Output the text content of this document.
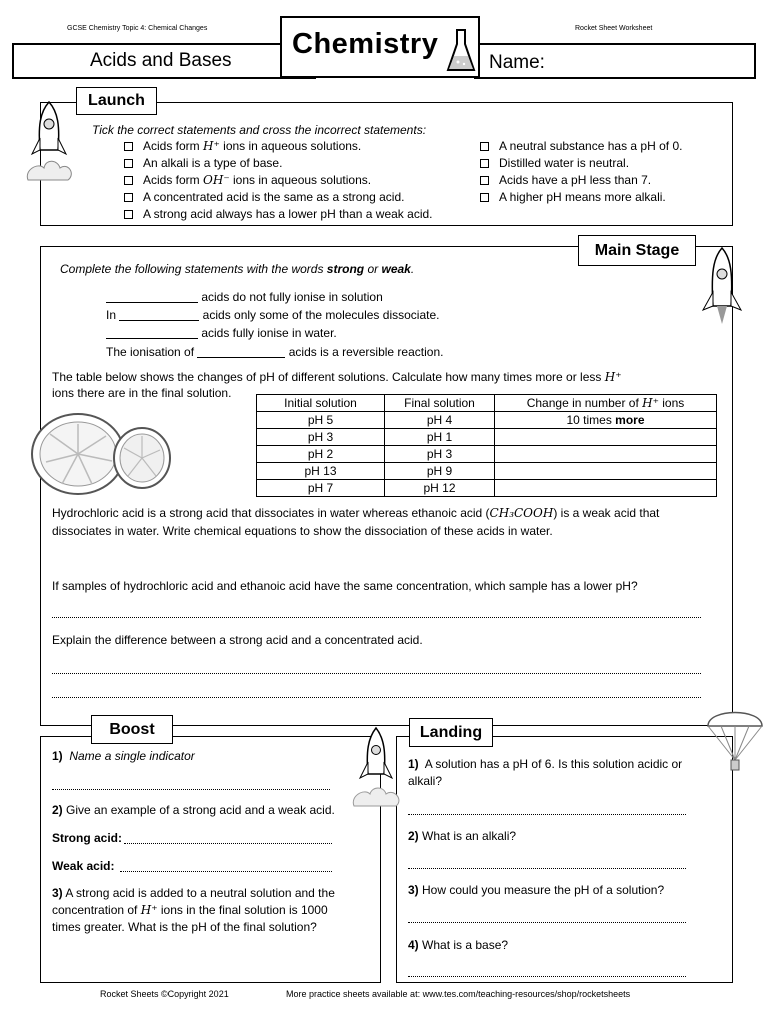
GCSE Chemistry Topic 4: Chemical Changes	Rocket Sheet Worksheet
Acids and Bases	Name:
Chemistry
Launch
Tick the correct statements and cross the incorrect statements:
Acids form H⁺ ions in aqueous solutions.
An alkali is a type of base.
Acids form OH⁻ ions in aqueous solutions.
A concentrated acid is the same as a strong acid.
A strong acid always has a lower pH than a weak acid.
A neutral substance has a pH of 0.
Distilled water is neutral.
Acids have a pH less than 7.
A higher pH means more alkali.
Main Stage
Complete the following statements with the words strong or weak.
acids do not fully ionise in solution
In	acids only some of the molecules dissociate.
acids fully ionise in water.
The ionisation of	acids is a reversible reaction.
The table below shows the changes of pH of different solutions. Calculate how many times more or less H⁺
ions there are in the final solution.
Initial solution	Final solution	Change in number of H⁺ ions
pH 5	pH 4	10 times more
pH 3	pH 1	
pH 2	pH 3	
pH 13	pH 9	
pH 7	pH 12	
Hydrochloric acid is a strong acid that dissociates in water whereas ethanoic acid (CH₃COOH) is a weak acid that
dissociates in water. Write chemical equations to show the dissociation of these acids in water.
If samples of hydrochloric acid and ethanoic acid have the same concentration, which sample has a lower pH?
Explain the difference between a strong acid and a concentrated acid.
Boost
1) Name a single indicator
2) Give an example of a strong acid and a weak acid.
Strong acid:
Weak acid:
3) A strong acid is added to a neutral solution and the
concentration of H⁺ ions in the final solution is 1000
times greater. What is the pH of the final solution?
Landing
1) A solution has a pH of 6. Is this solution acidic or
alkali?
2) What is an alkali?
3) How could you measure the pH of a solution?
4) What is a base?
Rocket Sheets ©Copyright 2021	More practice sheets available at: www.tes.com/teaching-resources/shop/rocketsheets
